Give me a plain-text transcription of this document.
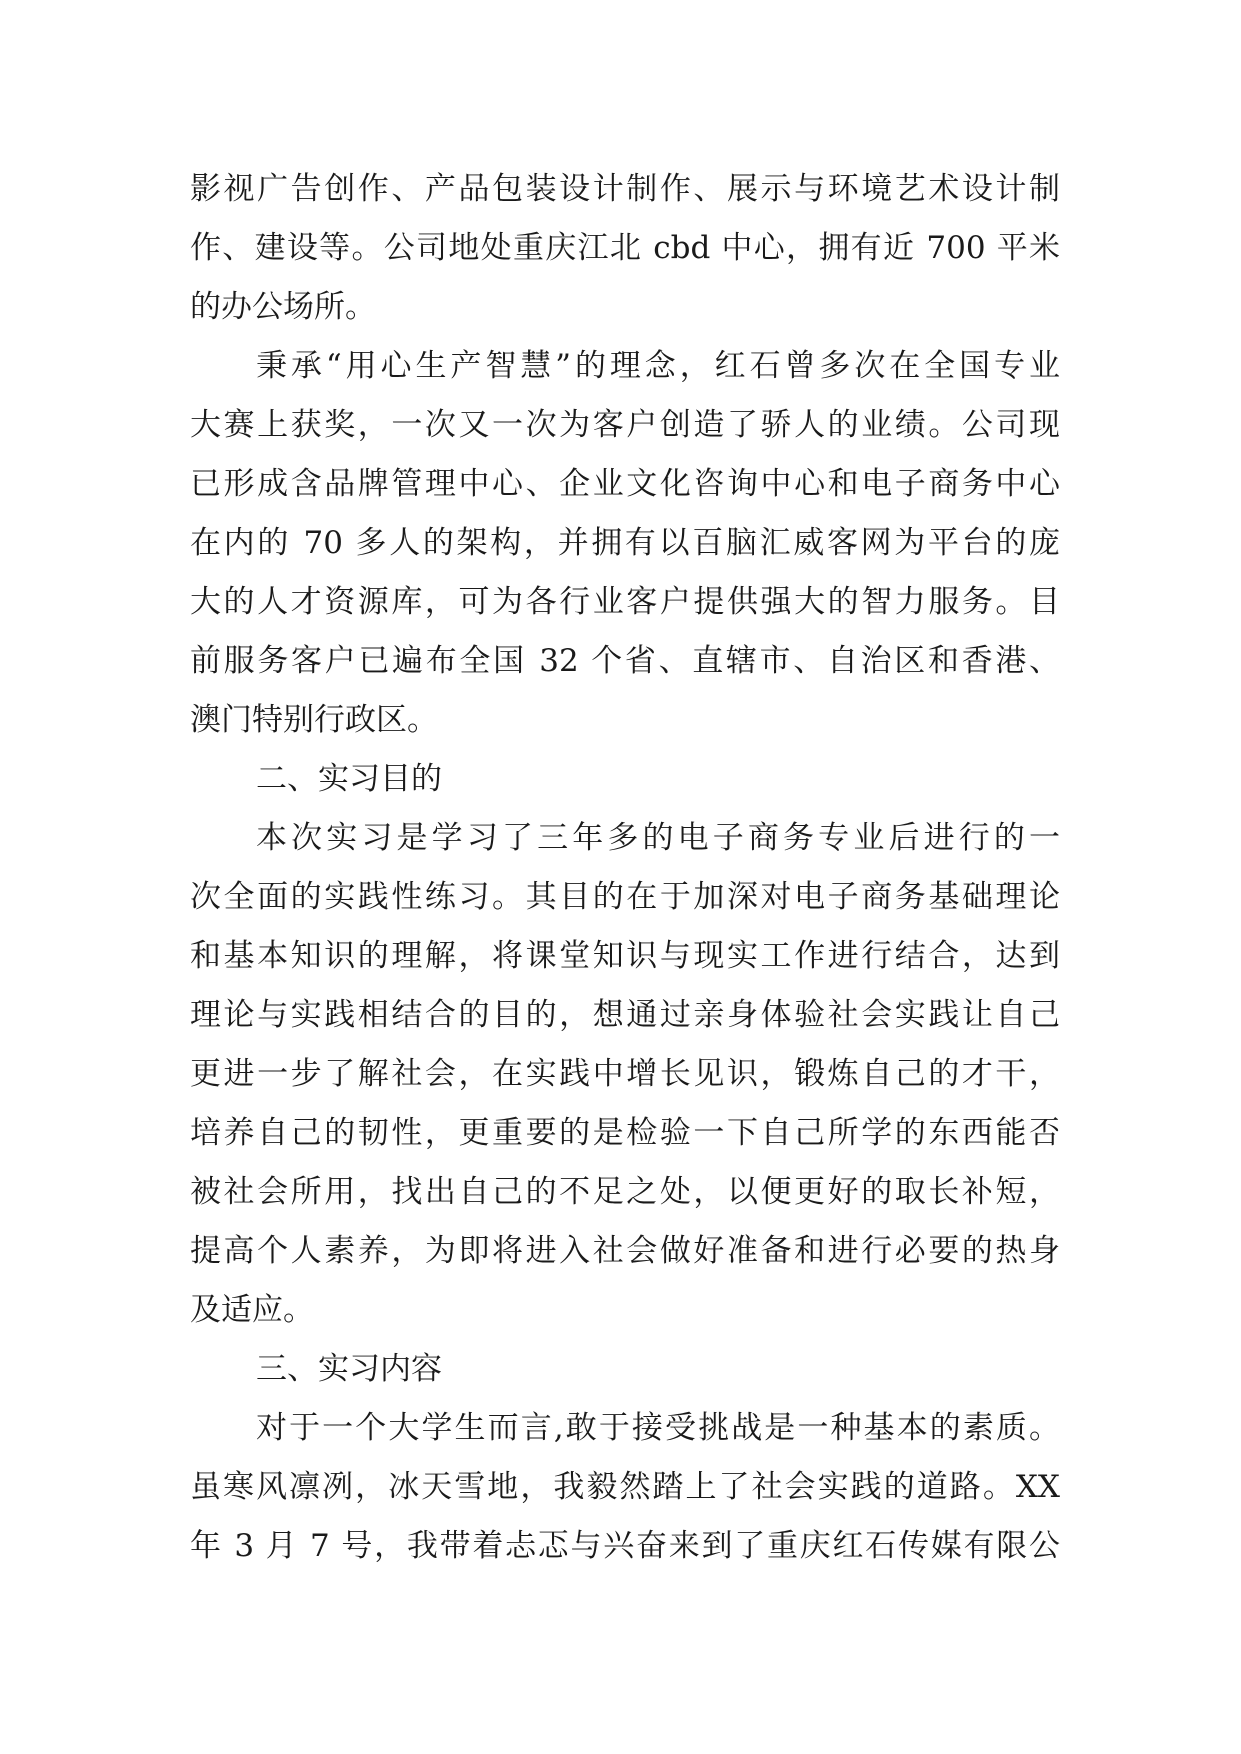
影视广告创作、产品包装设计制作、展示与环境艺术设计制
作、建设等。公司地处重庆江北 cbd 中心，拥有近 700 平米
的办公场所。
秉承“用心生产智慧”的理念，红石曾多次在全国专业
大赛上获奖，一次又一次为客户创造了骄人的业绩。公司现
已形成含品牌管理中心、企业文化咨询中心和电子商务中心
在内的 70 多人的架构，并拥有以百脑汇威客网为平台的庞
大的人才资源库，可为各行业客户提供强大的智力服务。目
前服务客户已遍布全国 32 个省、直辖市、自治区和香港、
澳门特别行政区。
二、实习目的
本次实习是学习了三年多的电子商务专业后进行的一
次全面的实践性练习。其目的在于加深对电子商务基础理论
和基本知识的理解，将课堂知识与现实工作进行结合，达到
理论与实践相结合的目的，想通过亲身体验社会实践让自己
更进一步了解社会，在实践中增长见识，锻炼自己的才干，
培养自己的韧性，更重要的是检验一下自己所学的东西能否
被社会所用，找出自己的不足之处，以便更好的取长补短，
提高个人素养，为即将进入社会做好准备和进行必要的热身
及适应。
三、实习内容
对于一个大学生而言,敢于接受挑战是一种基本的素质。
虽寒风凛冽，冰天雪地，我毅然踏上了社会实践的道路。XX
年 3 月 7 号，我带着忐忑与兴奋来到了重庆红石传媒有限公
